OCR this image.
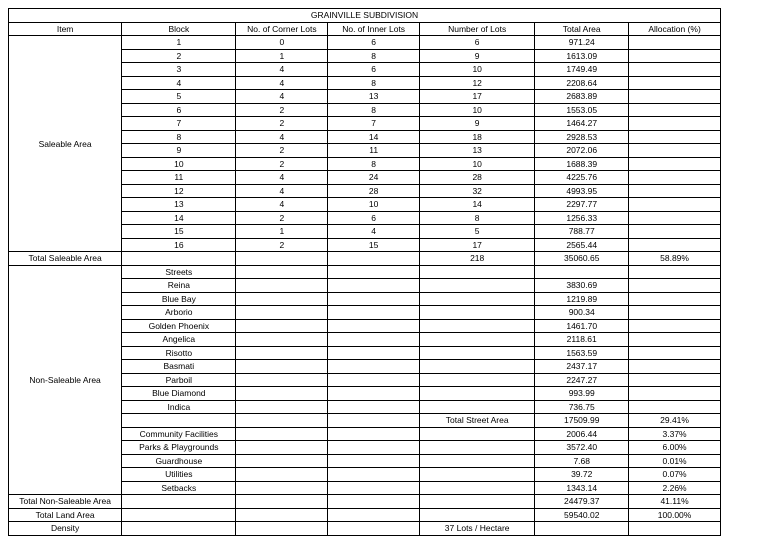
GRAINVILLE SUBDIVISION						
Item	Block	No. of Corner Lots	No. of Inner Lots	Number of Lots	Total Area	Allocation (%)
Saleable Area	1	0	6	6	971.24	
	2	1	8	9	1613.09	
	3	4	6	10	1749.49	
	4	4	8	12	2208.64	
	5	4	13	17	2683.89	
	6	2	8	10	1553.05	
	7	2	7	9	1464.27	
	8	4	14	18	2928.53	
	9	2	11	13	2072.06	
	10	2	8	10	1688.39	
	11	4	24	28	4225.76	
	12	4	28	32	4993.95	
	13	4	10	14	2297.77	
	14	2	6	8	1256.33	
	15	1	4	5	788.77	
	16	2	15	17	2565.44	
Total Saleable Area				218	35060.65	58.89%
Non-Saleable Area	Streets					
	Reina				3830.69	
	Blue Bay				1219.89	
	Arborio				900.34	
	Golden Phoenix				1461.70	
	Angelica				2118.61	
	Risotto				1563.59	
	Basmati				2437.17	
	Parboil				2247.27	
	Blue Diamond				993.99	
	Indica				736.75	
				Total Street Area	17509.99	29.41%
	Community Facilities				2006.44	3.37%
	Parks & Playgrounds				3572.40	6.00%
	Guardhouse				7.68	0.01%
	Utilities				39.72	0.07%
	Setbacks				1343.14	2.26%
Total Non-Saleable Area					24479.37	41.11%
Total Land Area					59540.02	100.00%
Density				37 Lots / Hectare		
